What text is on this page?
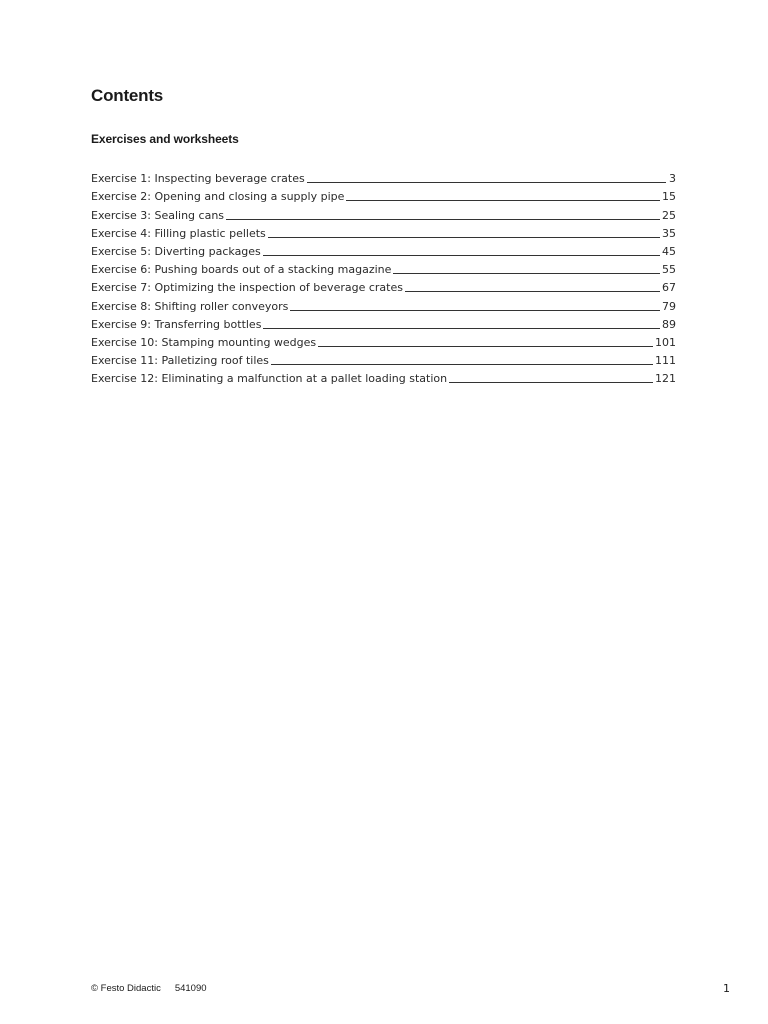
Contents
Exercises and worksheets
Exercise 1: Inspecting beverage crates	3
Exercise 2: Opening and closing a supply pipe	15
Exercise 3: Sealing cans	25
Exercise 4: Filling plastic pellets	35
Exercise 5: Diverting packages	45
Exercise 6: Pushing boards out of a stacking magazine	55
Exercise 7: Optimizing the inspection of beverage crates	67
Exercise 8: Shifting roller conveyors	79
Exercise 9: Transferring bottles	89
Exercise 10: Stamping mounting wedges	101
Exercise 11: Palletizing roof tiles	111
Exercise 12: Eliminating a malfunction at a pallet loading station	121
© Festo Didactic 541090	1
